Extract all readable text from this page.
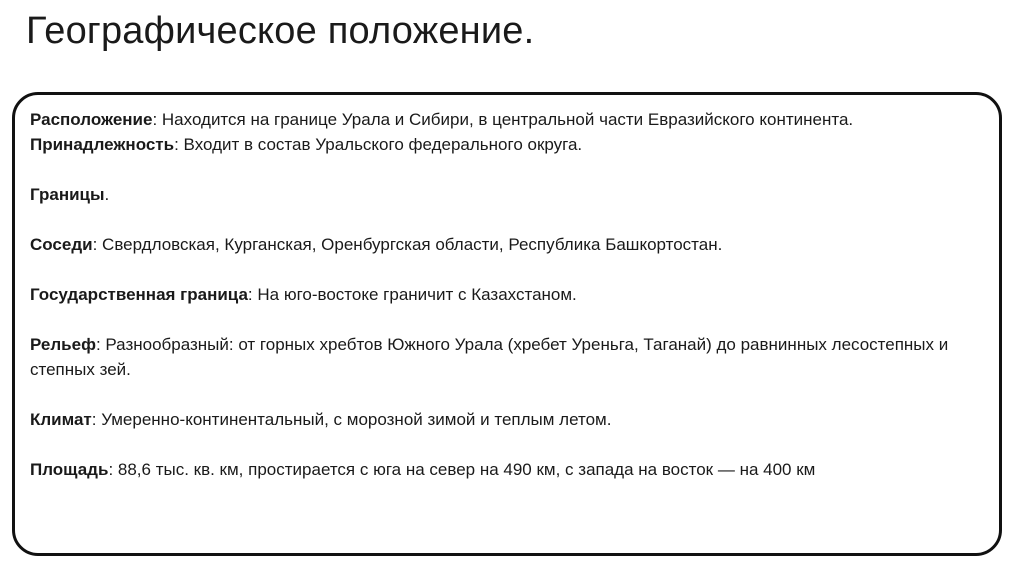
Географическое положение.

Расположение: Находится на границе Урала и Сибири, в центральной части Евразийского континента.

Принадлежность: Входит в состав Уральского федерального округа.

Границы.

Соседи: Свердловская, Курганская, Оренбургская области, Республика Башкортостан.

Государственная граница: На юго-востоке граничит с Казахстаном.

Рельеф: Разнообразный: от горных хребтов Южного Урала (хребет Уреньга, Таганай) до равнинных лесостепных и степных зей.

Климат: Умеренно-континентальный, с морозной зимой и теплым летом.

Площадь: 88,6 тыс. кв. км, простирается с юга на север на 490 км, с запада на восток — на 400 км
